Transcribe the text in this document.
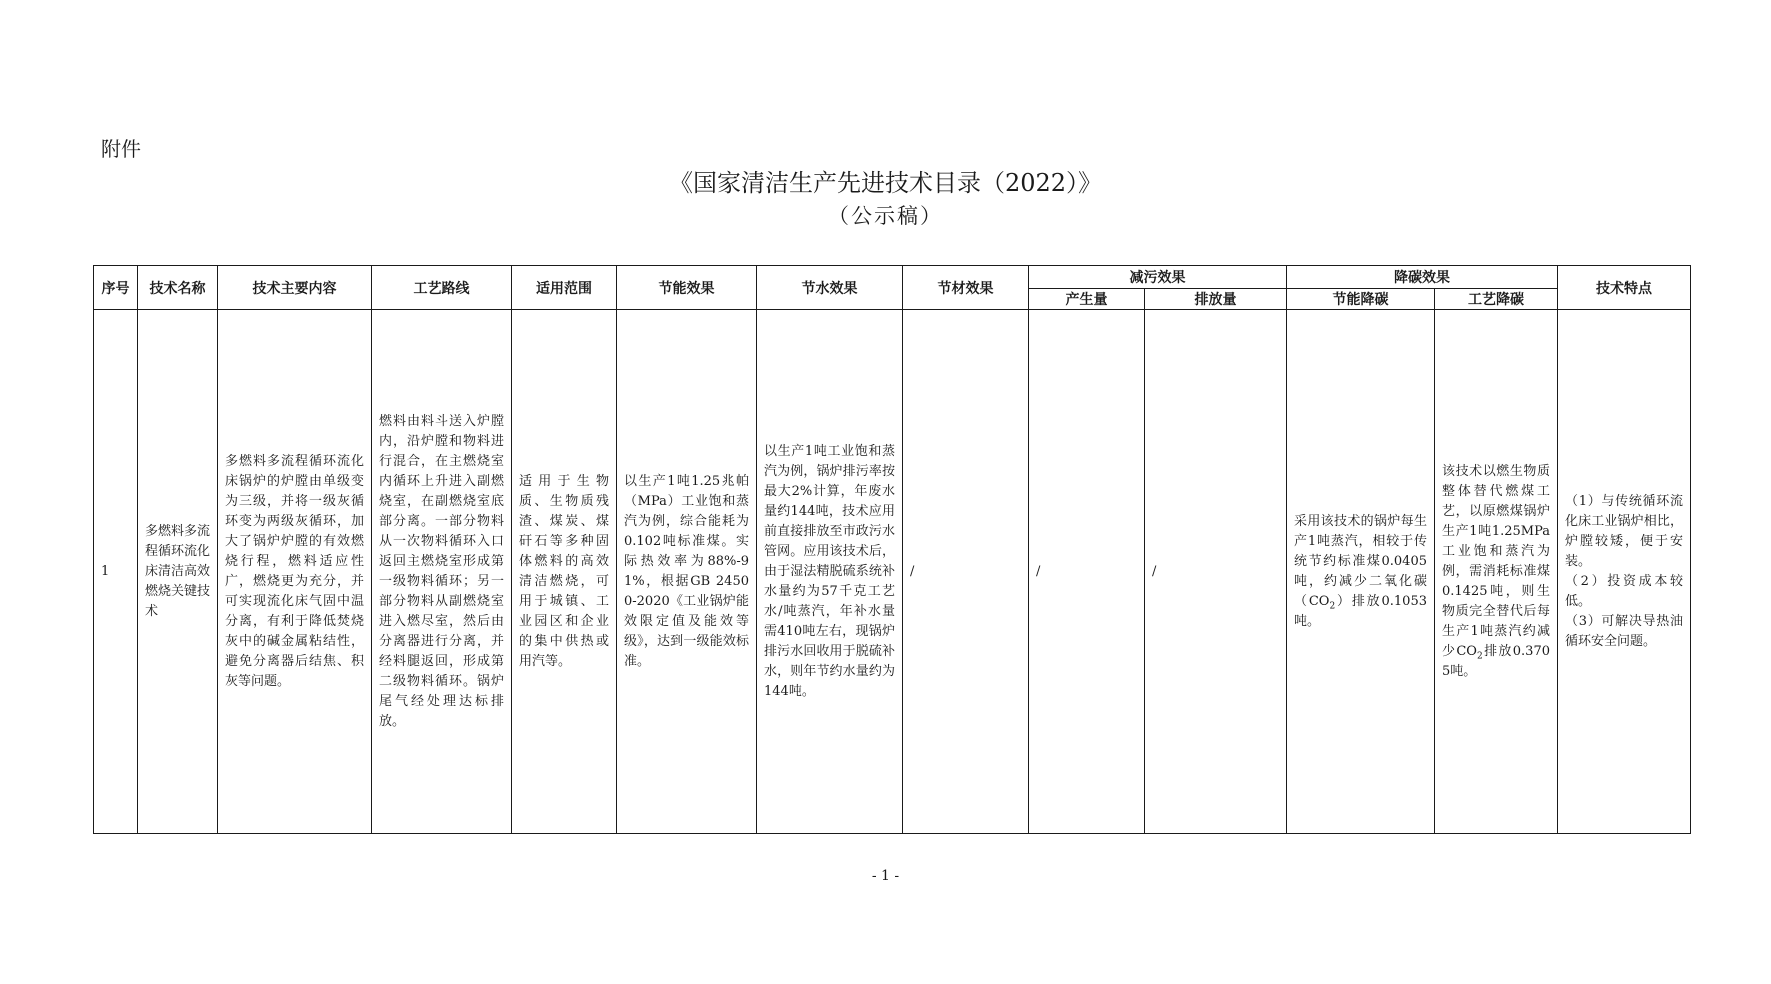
附件
《国家清洁生产先进技术目录（2022）》
（公示稿）
序号	技术名称	技术主要内容	工艺路线	适用范围	节能效果	节水效果	节材效果	减污效果		降碳效果		技术特点
								产生量	排放量	节能降碳	工艺降碳	
1	多燃料多流程循环流化床清洁高效燃烧关键技术	多燃料多流程循环流化床锅炉的炉膛由单级变为三级，并将一级灰循环变为两级灰循环，加大了锅炉炉膛的有效燃烧行程，燃料适应性广，燃烧更为充分，并可实现流化床气固中温分离，有利于降低焚烧灰中的碱金属粘结性，避免分离器后结焦、积灰等问题。	燃料由料斗送入炉膛内，沿炉膛和物料进行混合，在主燃烧室内循环上升进入副燃烧室，在副燃烧室底部分离。一部分物料从一次物料循环入口返回主燃烧室形成第一级物料循环；另一部分物料从副燃烧室进入燃尽室，然后由分离器进行分离，并经料腿返回，形成第二级物料循环。锅炉尾气经处理达标排放。	适用于生物质、生物质残渣、煤炭、煤矸石等多种固体燃料的高效清洁燃烧，可用于城镇、工业园区和企业的集中供热或用汽等。	以生产1吨1.25兆帕（MPa）工业饱和蒸汽为例，综合能耗为0.102吨标准煤。实际热效率为88%-91%，根据GB 24500-2020《工业锅炉能效限定值及能效等级》，达到一级能效标准。	以生产1吨工业饱和蒸汽为例，锅炉排污率按最大2%计算，年废水量约144吨，技术应用前直接排放至市政污水管网。应用该技术后，由于湿法精脱硫系统补水量约为57千克工艺水/吨蒸汽，年补水量需410吨左右，现锅炉排污水回收用于脱硫补水，则年节约水量约为144吨。	/	/	/	采用该技术的锅炉每生产1吨蒸汽，相较于传统节约标准煤0.0405吨，约减少二氧化碳$(CO_2)$排放0.1053吨。	该技术以燃生物质整体替代燃煤工艺，以原燃煤锅炉生产1吨1.25MPa工业饱和蒸汽为例，需消耗标准煤0.1425吨，则生物质完全替代后每生产1吨蒸汽约减少$CO_2$排放0.3705吨。	（1）与传统循环流化床工业锅炉相比，炉膛较矮，便于安装。
（2）投资成本较低。
（3）可解决导热油循环安全问题。
- 1 -
